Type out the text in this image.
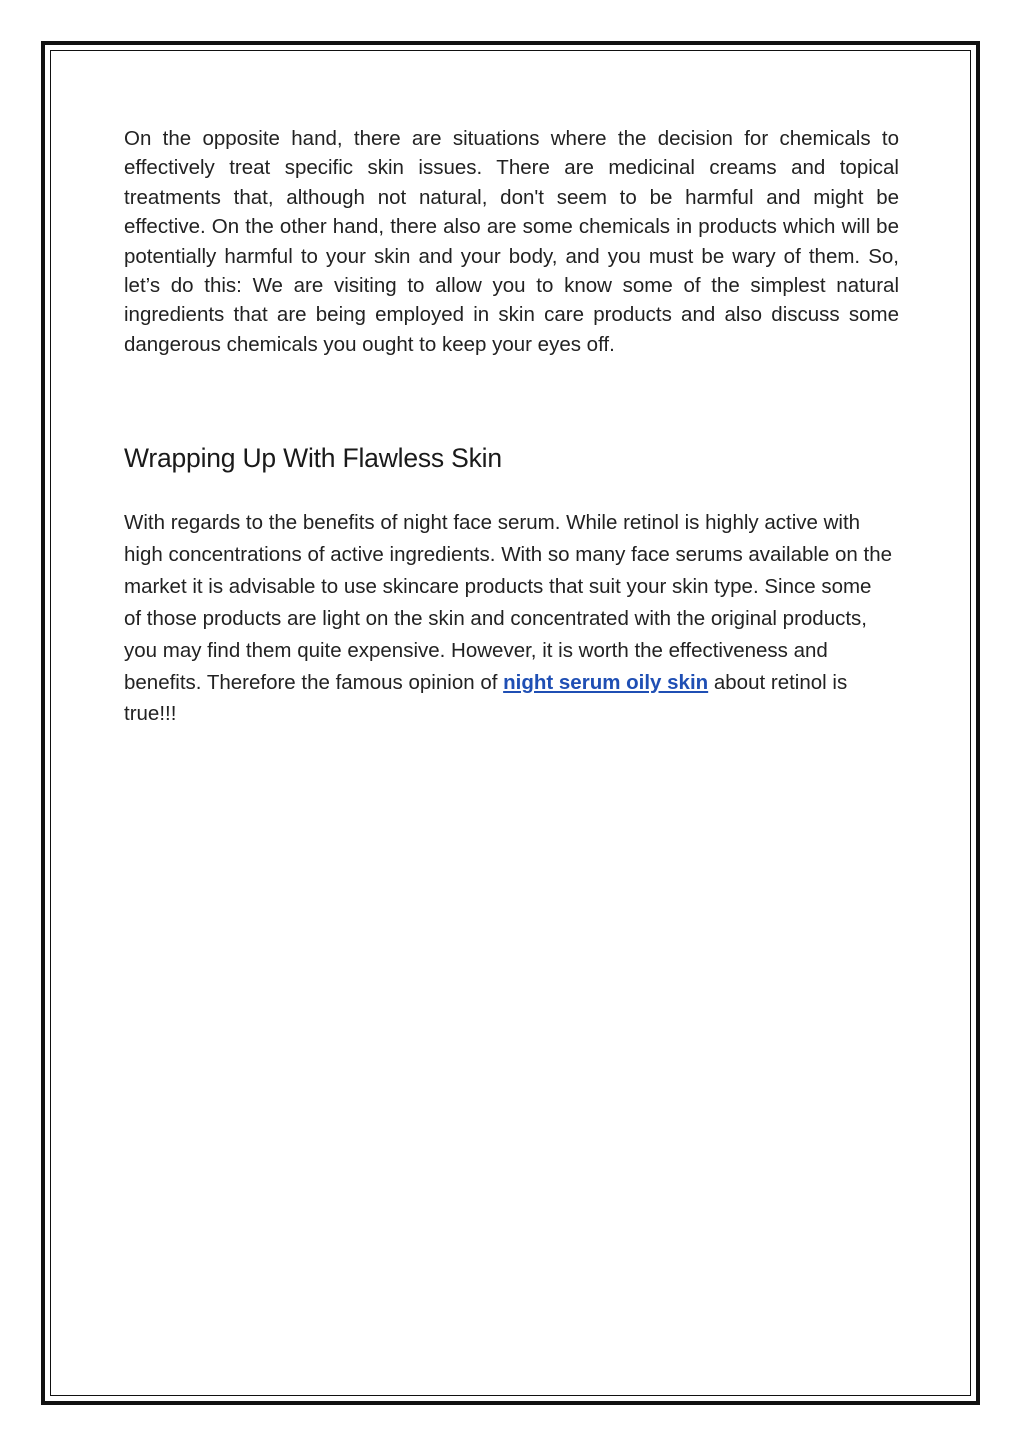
On the opposite hand, there are situations where the decision for chemicals to effectively treat specific skin issues. There are medicinal creams and topical treatments that, although not natural, don't seem to be harmful and might be effective. On the other hand, there also are some chemicals in products which will be potentially harmful to your skin and your body, and you must be wary of them. So, let’s do this: We are visiting to allow you to know some of the simplest natural ingredients that are being employed in skin care products and also discuss some dangerous chemicals you ought to keep your eyes off.

Wrapping Up With Flawless Skin

With regards to the benefits of night face serum. While retinol is highly active with high concentrations of active ingredients. With so many face serums available on the market it is advisable to use skincare products that suit your skin type. Since some of those products are light on the skin and concentrated with the original products, you may find them quite expensive. However, it is worth the effectiveness and benefits. Therefore the famous opinion of night serum oily skin about retinol is true!!!
